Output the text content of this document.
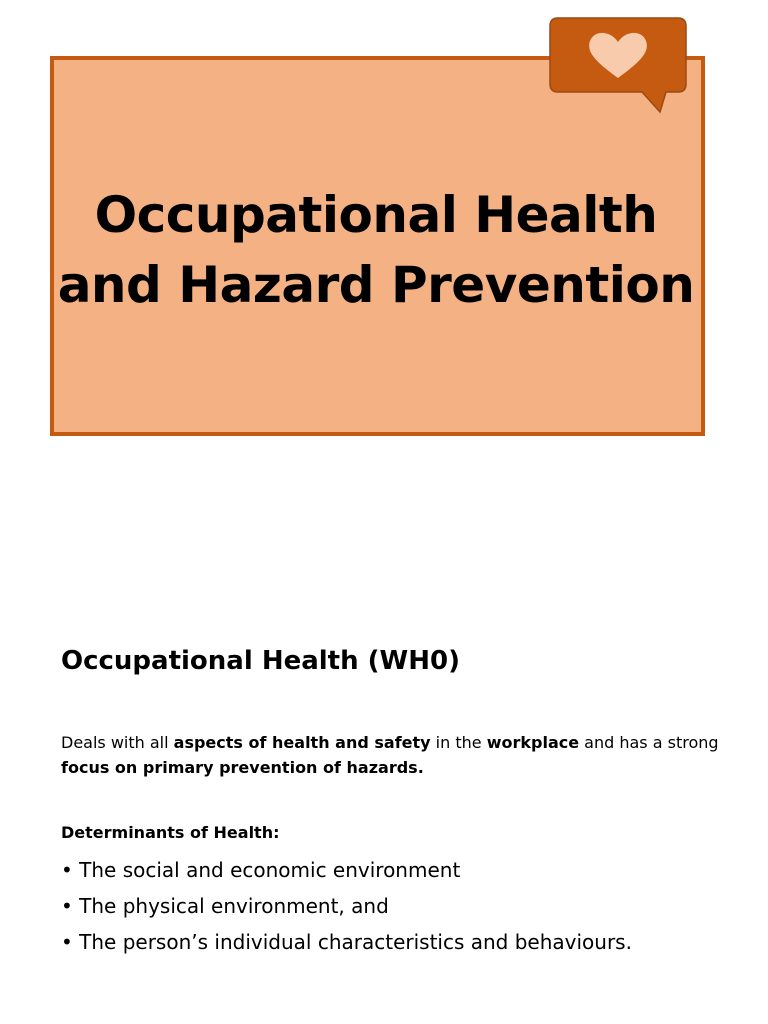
Occupational Health
and Hazard Prevention
Occupational Health (WH0)

Deals with all aspects of health and safety in the workplace and has a strong focus on primary prevention of hazards.

Determinants of Health:
• The social and economic environment
• The physical environment, and
• The person’s individual characteristics and behaviours.
